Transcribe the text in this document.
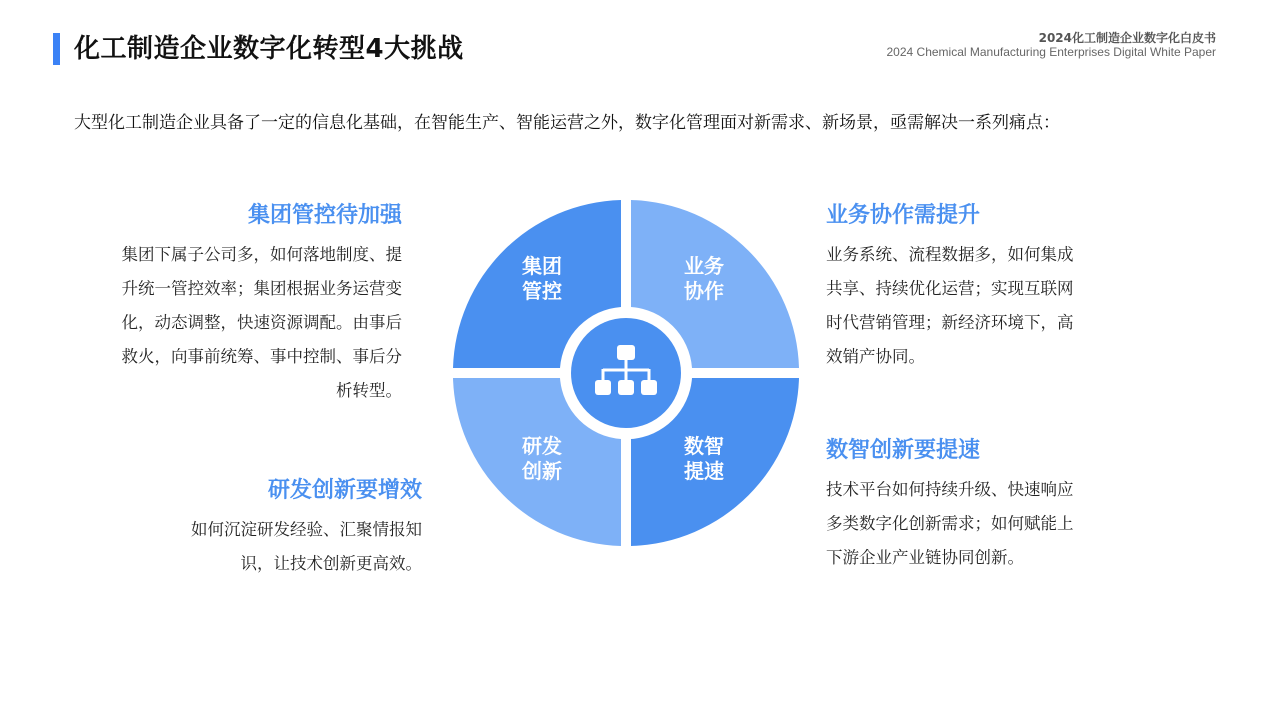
化工制造企业数字化转型4大挑战	2024化工制造企业数字化白皮书
2024 Chemical Manufacturing Enterprises Digital White Paper
大型化工制造企业具备了一定的信息化基础，在智能生产、智能运营之外，数字化管理面对新需求、新场景，亟需解决一系列痛点：
集团管控待加强
集团下属子公司多，如何落地制度、提
升统一管控效率；集团根据业务运营变
化，动态调整，快速资源调配。由事后
救火，向事前统筹、事中控制、事后分
析转型。
业务协作需提升
业务系统、流程数据多，如何集成
共享、持续优化运营；实现互联网
时代营销管理；新经济环境下，高
效销产协同。
研发创新要增效
如何沉淀研发经验、汇聚情报知
识，让技术创新更高效。
数智创新要提速
技术平台如何持续升级、快速响应
多类数字化创新需求；如何赋能上
下游企业产业链协同创新。
集团
管控
业务
协作
研发
创新
数智
提速
